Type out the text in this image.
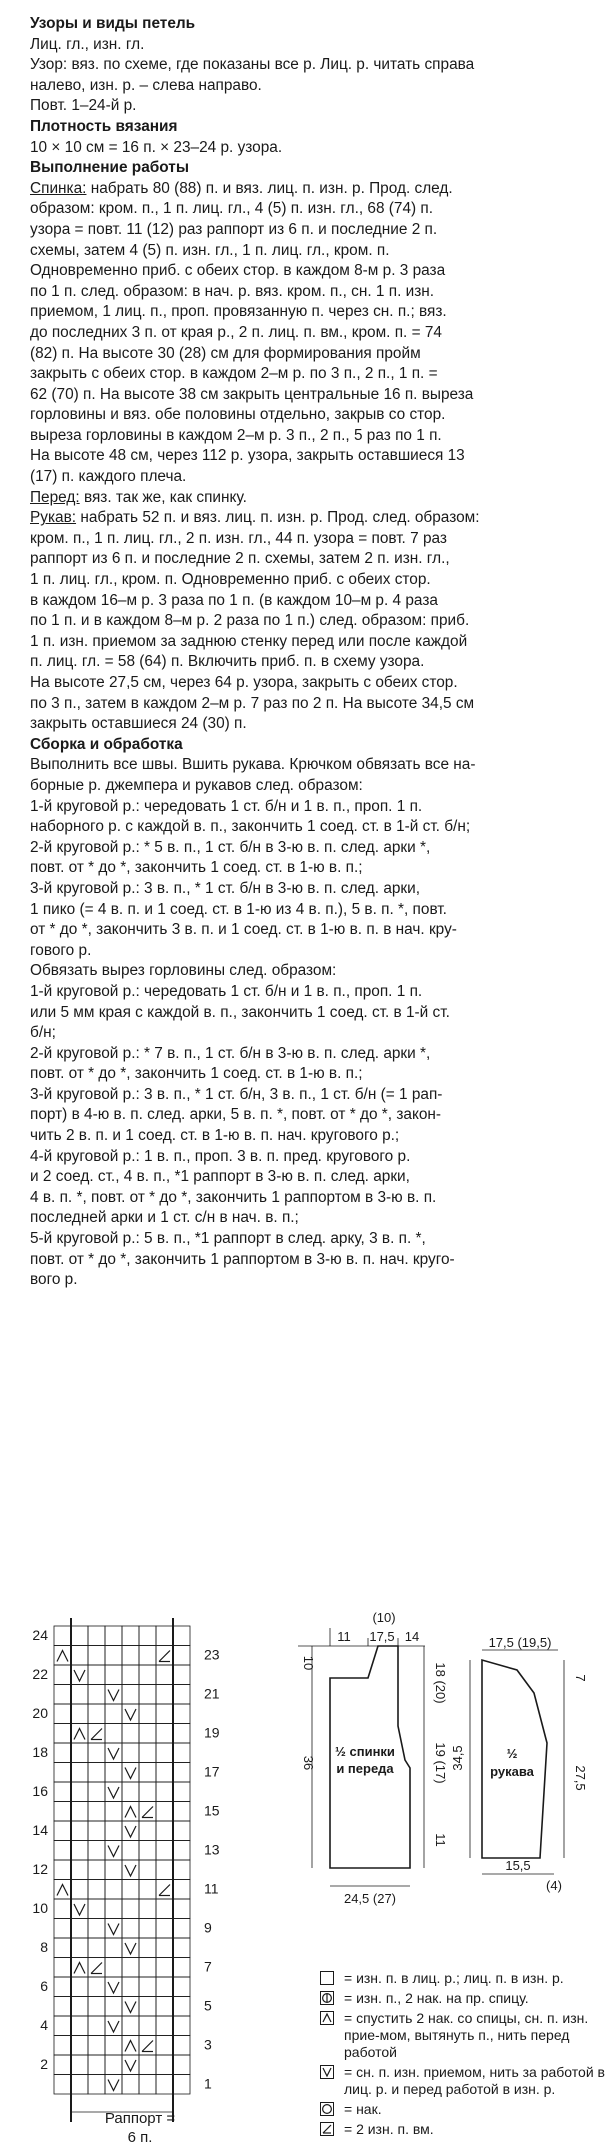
Узоры и виды петель

Лиц. гл., изн. гл.

Узор: вяз. по схеме, где показаны все р. Лиц. р. читать справа

налево, изн. р. – слева направо.

Повт. 1–24-й р.

Плотность вязания

10 × 10 см = 16 п. × 23–24 р. узора.

Выполнение работы

Спинка: набрать 80 (88) п. и вяз. лиц. п. изн. р. Прод. след.

образом: кром. п., 1 п. лиц. гл., 4 (5) п. изн. гл., 68 (74) п.

узора = повт. 11 (12) раз раппорт из 6 п. и последние 2 п.

схемы, затем 4 (5) п. изн. гл., 1 п. лиц. гл., кром. п.

Одновременно приб. с обеих стор. в каждом 8-м р. 3 раза

по 1 п. след. образом: в нач. р. вяз. кром. п., сн. 1 п. изн.

приемом, 1 лиц. п., проп. провязанную п. через сн. п.; вяз.

до последних 3 п. от края р., 2 п. лиц. п. вм., кром. п. = 74

(82) п. На высоте 30 (28) см для формирования пройм

закрыть с обеих стор. в каждом 2–м р. по 3 п., 2 п., 1 п. =

62 (70) п. На высоте 38 см закрыть центральные 16 п. выреза

горловины и вяз. обе половины отдельно, закрыв со стор.

выреза горловины в каждом 2–м р. 3 п., 2 п., 5 раз по 1 п.

На высоте 48 см, через 112 р. узора, закрыть оставшиеся 13

(17) п. каждого плеча.

Перед: вяз. так же, как спинку.

Рукав: набрать 52 п. и вяз. лиц. п. изн. р. Прод. след. образом:

кром. п., 1 п. лиц. гл., 2 п. изн. гл., 44 п. узора = повт. 7 раз

раппорт из 6 п. и последние 2 п. схемы, затем 2 п. изн. гл.,

1 п. лиц. гл., кром. п. Одновременно приб. с обеих стор.

в каждом 16–м р. 3 раза по 1 п. (в каждом 10–м р. 4 раза

по 1 п. и в каждом 8–м р. 2 раза по 1 п.) след. образом: приб.

1 п. изн. приемом за заднюю стенку перед или после каждой

п. лиц. гл. = 58 (64) п. Включить приб. п. в схему узора.

На высоте 27,5 см, через 64 р. узора, закрыть с обеих стор.

по 3 п., затем в каждом 2–м р. 7 раз по 2 п. На высоте 34,5 см

закрыть оставшиеся 24 (30) п.

Сборка и обработка

Выполнить все швы. Вшить рукава. Крючком обвязать все на-

борные р. джемпера и рукавов след. образом:

1-й круговой р.: чередовать 1 ст. б/н и 1 в. п., проп. 1 п.

наборного р. с каждой в. п., закончить 1 соед. ст. в 1-й ст. б/н;

2-й круговой р.: * 5 в. п., 1 ст. б/н в 3-ю в. п. след. арки *,

повт. от * до *, закончить 1 соед. ст. в 1-ю в. п.;

3-й круговой р.: 3 в. п., * 1 ст. б/н в 3-ю в. п. след. арки,

1 пико (= 4 в. п. и 1 соед. ст. в 1-ю из 4 в. п.), 5 в. п. *, повт.

от * до *, закончить 3 в. п. и 1 соед. ст. в 1-ю в. п. в нач. кру-

гового р.

Обвязать вырез горловины след. образом:

1-й круговой р.: чередовать 1 ст. б/н и 1 в. п., проп. 1 п.

или 5 мм края с каждой в. п., закончить 1 соед. ст. в 1-й ст.

б/н;

2-й круговой р.: * 7 в. п., 1 ст. б/н в 3-ю в. п. след. арки *,

повт. от * до *, закончить 1 соед. ст. в 1-ю в. п.;

3-й круговой р.: 3 в. п., * 1 ст. б/н, 3 в. п., 1 ст. б/н (= 1 рап-

порт) в 4-ю в. п. след. арки, 5 в. п. *, повт. от * до *, закон-

чить 2 в. п. и 1 соед. ст. в 1-ю в. п. нач. кругового р.;

4-й круговой р.: 1 в. п., проп. 3 в. п. пред. кругового р.

и 2 соед. ст., 4 в. п., *1 раппорт в 3-ю в. п. след. арки,

4 в. п. *, повт. от * до *, закончить 1 раппортом в 3-ю в. п.

последней арки и 1 ст. с/н в нач. в. п.;

5-й круговой р.: 5 в. п., *1 раппорт в след. арку, 3 в. п. *,

повт. от * до *, закончить 1 раппортом в 3-ю в. п. нач. круго-

вого р.

23
21
19
17
15
13
11
9
7
5
3
1
24
22
20
18
16
14
12
10
8
6
4
2
Раппорт =
6 п.
(10)
11 17,5 14
10
36
18 (20)
19 (17)
11
24,5 (27)
½ спинки
и переда
17,5 (19,5)
34,5
7
27,5
15,5
(4)
½
рукава
= изн. п. в лиц. р.; лиц. п. в изн. р.
= изн. п., 2 нак. на пр. спицу.
= спустить 2 нак. со спицы, сн. п. изн. прие-мом, вытянуть п., нить перед работой
= сн. п. изн. приемом, нить за работой в лиц. р. и перед работой в изн. р.
= нак.
= 2 изн. п. вм.
